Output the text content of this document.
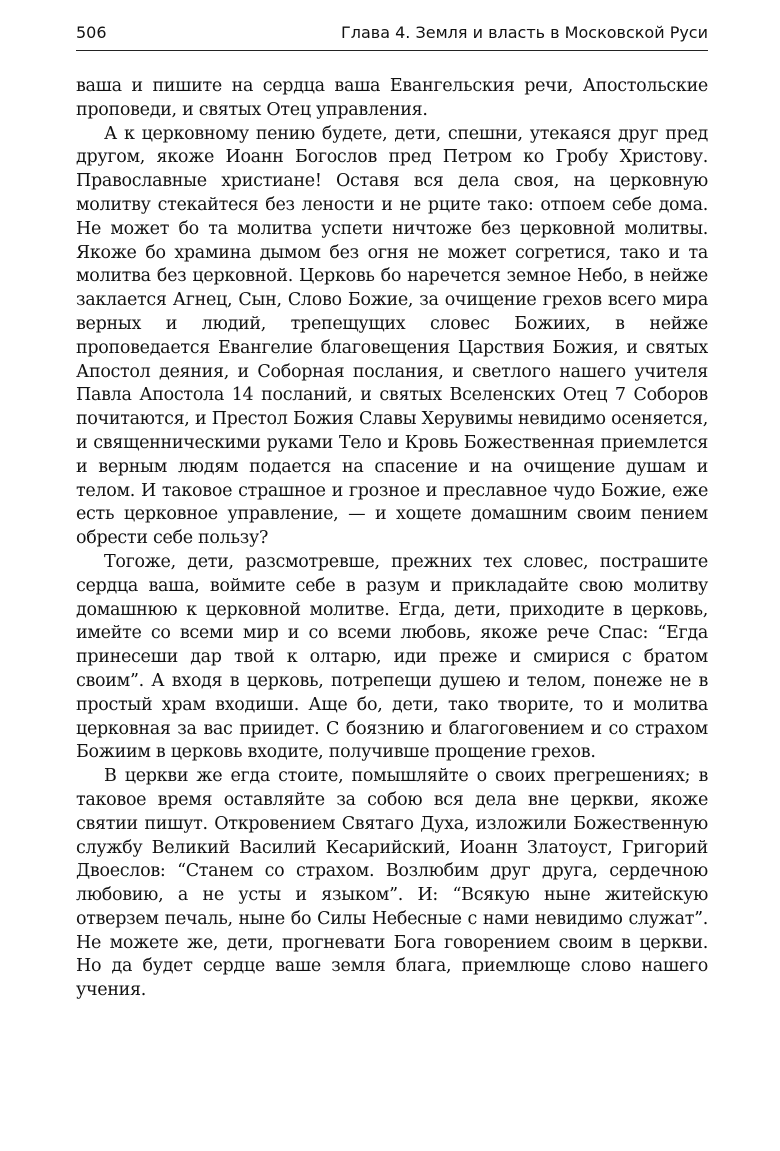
506	Глава 4. Земля и власть в Московской Руси

ваша и пишите на сердца ваша Евангельския речи, Апостольские проповеди, и святых Отец управления.

А к церковному пению будете, дети, спешни, утекаяся друг пред другом, якоже Иоанн Богослов пред Петром ко Гробу Христову. Православные христиане! Оставя вся дела своя, на церковную молитву стекайтеся без лености и не рците тако: отпоем себе дома. Не может бо та молитва успети ничтоже без церковной молитвы. Якоже бо храмина дымом без огня не может согретися, тако и та молитва без церковной. Церковь бо наречется земное Небо, в нейже заклается Агнец, Сын, Слово Божие, за очищение грехов всего мира верных и людий, трепещущих словес Божиих, в нейже проповедается Евангелие благовещения Царствия Божия, и святых Апостол деяния, и Соборная послания, и светлого нашего учителя Павла Апостола 14 посланий, и святых Вселенских Отец 7 Соборов почитаются, и Престол Божия Славы Херувимы невидимо осеняется, и священническими руками Тело и Кровь Божественная приемлется и верным людям подается на спасение и на очищение душам и телом. И таковое страшное и грозное и преславное чудо Божие, еже есть церковное управление, — и хощете домашним своим пением обрести себе пользу?

Тогоже, дети, разсмотревше, прежних тех словес, пострашите сердца ваша, воймите себе в разум и прикладайте свою молитву домашнюю к церковной молитве. Егда, дети, приходите в церковь, имейте со всеми мир и со всеми любовь, якоже рече Спас: “Егда принесеши дар твой к олтарю, иди преже и смирися с братом своим”. А входя в церковь, потрепещи душею и телом, понеже не в простый храм входиши. Аще бо, дети, тако творите, то и молитва церковная за вас приидет. С боязнию и благоговением и со страхом Божиим в церковь входите, получивше прощение грехов.

В церкви же егда стоите, помышляйте о своих прегрешениях; в таковое время оставляйте за собою вся дела вне церкви, якоже святии пишут. Откровением Святаго Духа, изложили Божественную службу Великий Василий Кесарийский, Иоанн Златоуст, Григорий Двоеслов: “Станем со страхом. Возлюбим друг друга, сердечною любовию, а не усты и языком”. И: “Всякую ныне житейскую отверзем печаль, ныне бо Силы Небесные с нами невидимо служат”. Не можете же, дети, прогневати Бога говорением своим в церкви. Но да будет сердце ваше земля блага, приемлюще слово нашего учения.
